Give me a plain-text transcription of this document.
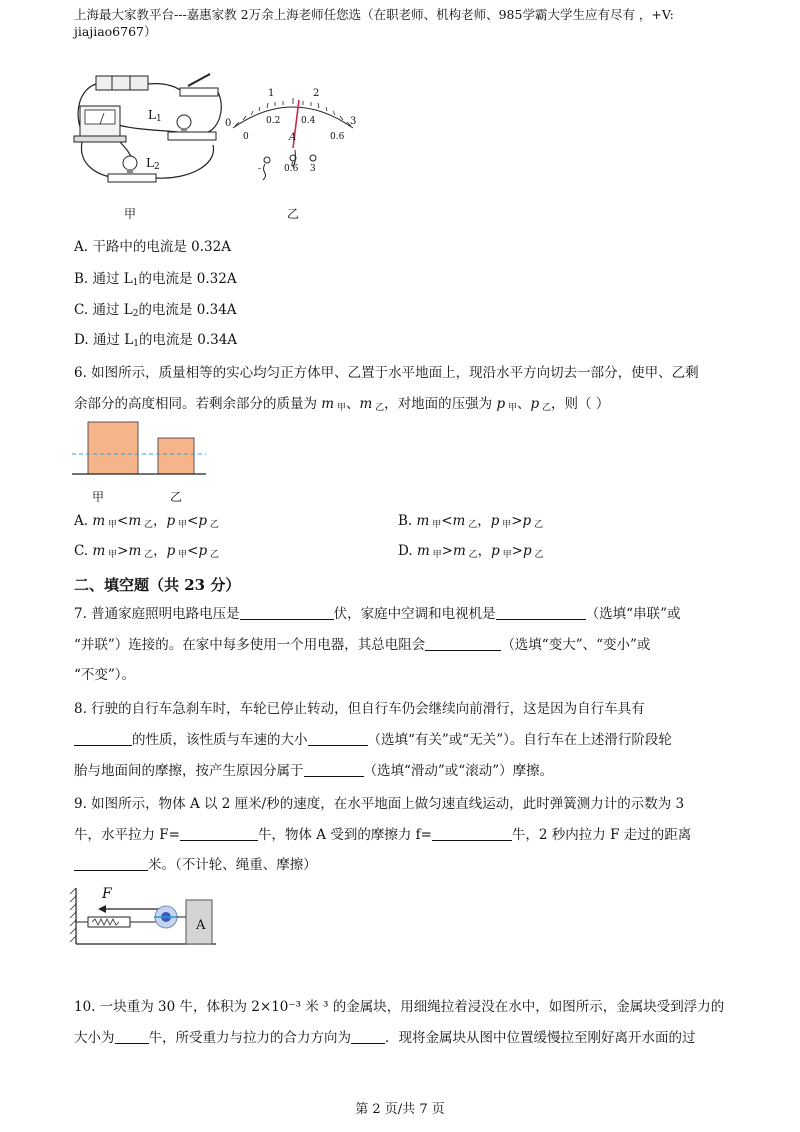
上海最大家教平台---嘉惠家教 2万余上海老师任您选（在职老师、机构老师、985学霸大学生应有尽有 ，+V: jiajiao6767）
$L_1$
$L_2$
甲
0
1	2
3
0
0.2 0.4
0.6
A
-	0.6 3
乙
A. 干路中的电流是 0.32A
B. 通过 $L_1$的电流是 0.32A
C. 通过 $L_2$的电流是 0.34A
D. 通过 $L_1$的电流是 0.34A
6. 如图所示，质量相等的实心均匀正方体甲、乙置于水平地面上，现沿水平方向切去一部分，使甲、乙剩
余部分的高度相同。若剩余部分的质量为 m $_甲$、m $_乙$，对地面的压强为 p $_甲$、p $_乙$，则（ ）
甲	乙
A. m $_甲$<m $_乙$，p $_甲$<p $_乙$	B. m $_甲$<m $_乙$，p $_甲$>p $_乙$
C. m $_甲$>m $_乙$，p $_甲$<p $_乙$	D. m $_甲$>m $_乙$，p $_甲$>p $_乙$
二、填空题（共 23 分）
7. 普通家庭照明电路电压是	伏，家庭中空调和电视机是	（选填“串联”或
“并联”）连接的。在家中每多使用一个用电器，其总电阻会	（选填“变大”、“变小”或
“不变”）。
8. 行驶的自行车急刹车时，车轮已停止转动，但自行车仍会继续向前滑行，这是因为自行车具有
的性质，该性质与车速的大小	（选填“有关”或“无关”）。自行车在上述滑行阶段轮
胎与地面间的摩擦，按产生原因分属于	（选填“滑动”或“滚动”）摩擦。
9. 如图所示，物体 A 以 2 厘米/秒的速度，在水平地面上做匀速直线运动，此时弹簧测力计的示数为 3
牛，水平拉力 F=	牛，物体 A 受到的摩擦力 f=	牛，2 秒内拉力 F 走过的距离
米。（不计轮、绳重、摩擦）
F
A
10. 一块重为 30 牛，体积为 2×10⁻³ 米 ³ 的金属块，用细绳拉着浸没在水中，如图所示，金属块受到浮力的
大小为	牛，所受重力与拉力的合力方向为	．现将金属块从图中位置缓慢拉至刚好离开水面的过
第 2 页/共 7 页
